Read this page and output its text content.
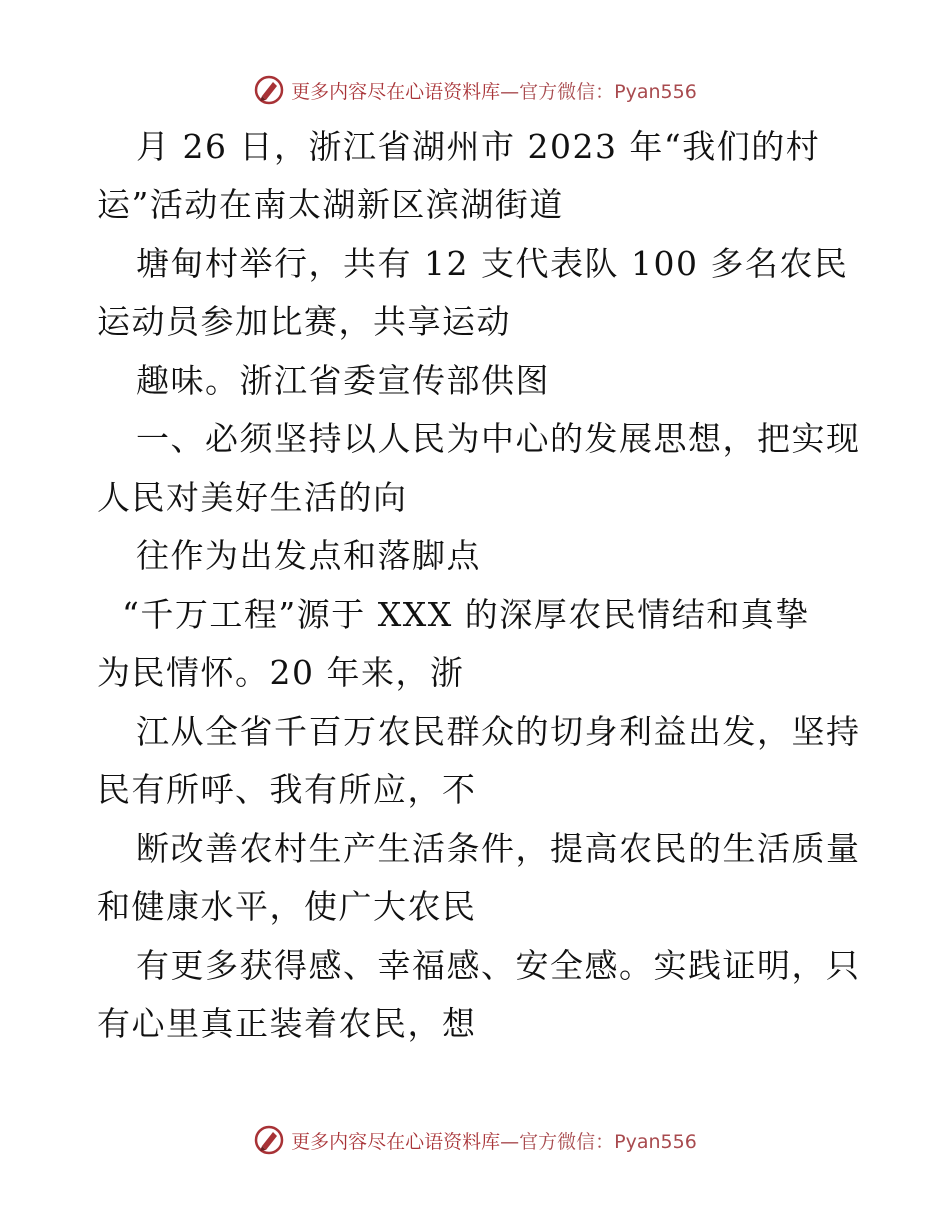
更多内容尽在心语资料库 —官方微信：Pyan556
月 26 日，浙江省湖州市 2023 年“我们的村
运”活动在南太湖新区滨湖街道
塘甸村举行，共有 12 支代表队 100 多名农民
运动员参加比赛，共享运动
趣味。浙江省委宣传部供图
一、必须坚持以人民为中心的发展思想，把实现
人民对美好生活的向
往作为出发点和落脚点
“千万工程”源于 XXX 的深厚农民情结和真挚
为民情怀。20 年来，浙
江从全省千百万农民群众的切身利益出发，坚持
民有所呼、我有所应，不
断改善农村生产生活条件，提高农民的生活质量
和健康水平，使广大农民
有更多获得感、幸福感、安全感。实践证明，只
有心里真正装着农民，想
更多内容尽在心语资料库 —官方微信：Pyan556
